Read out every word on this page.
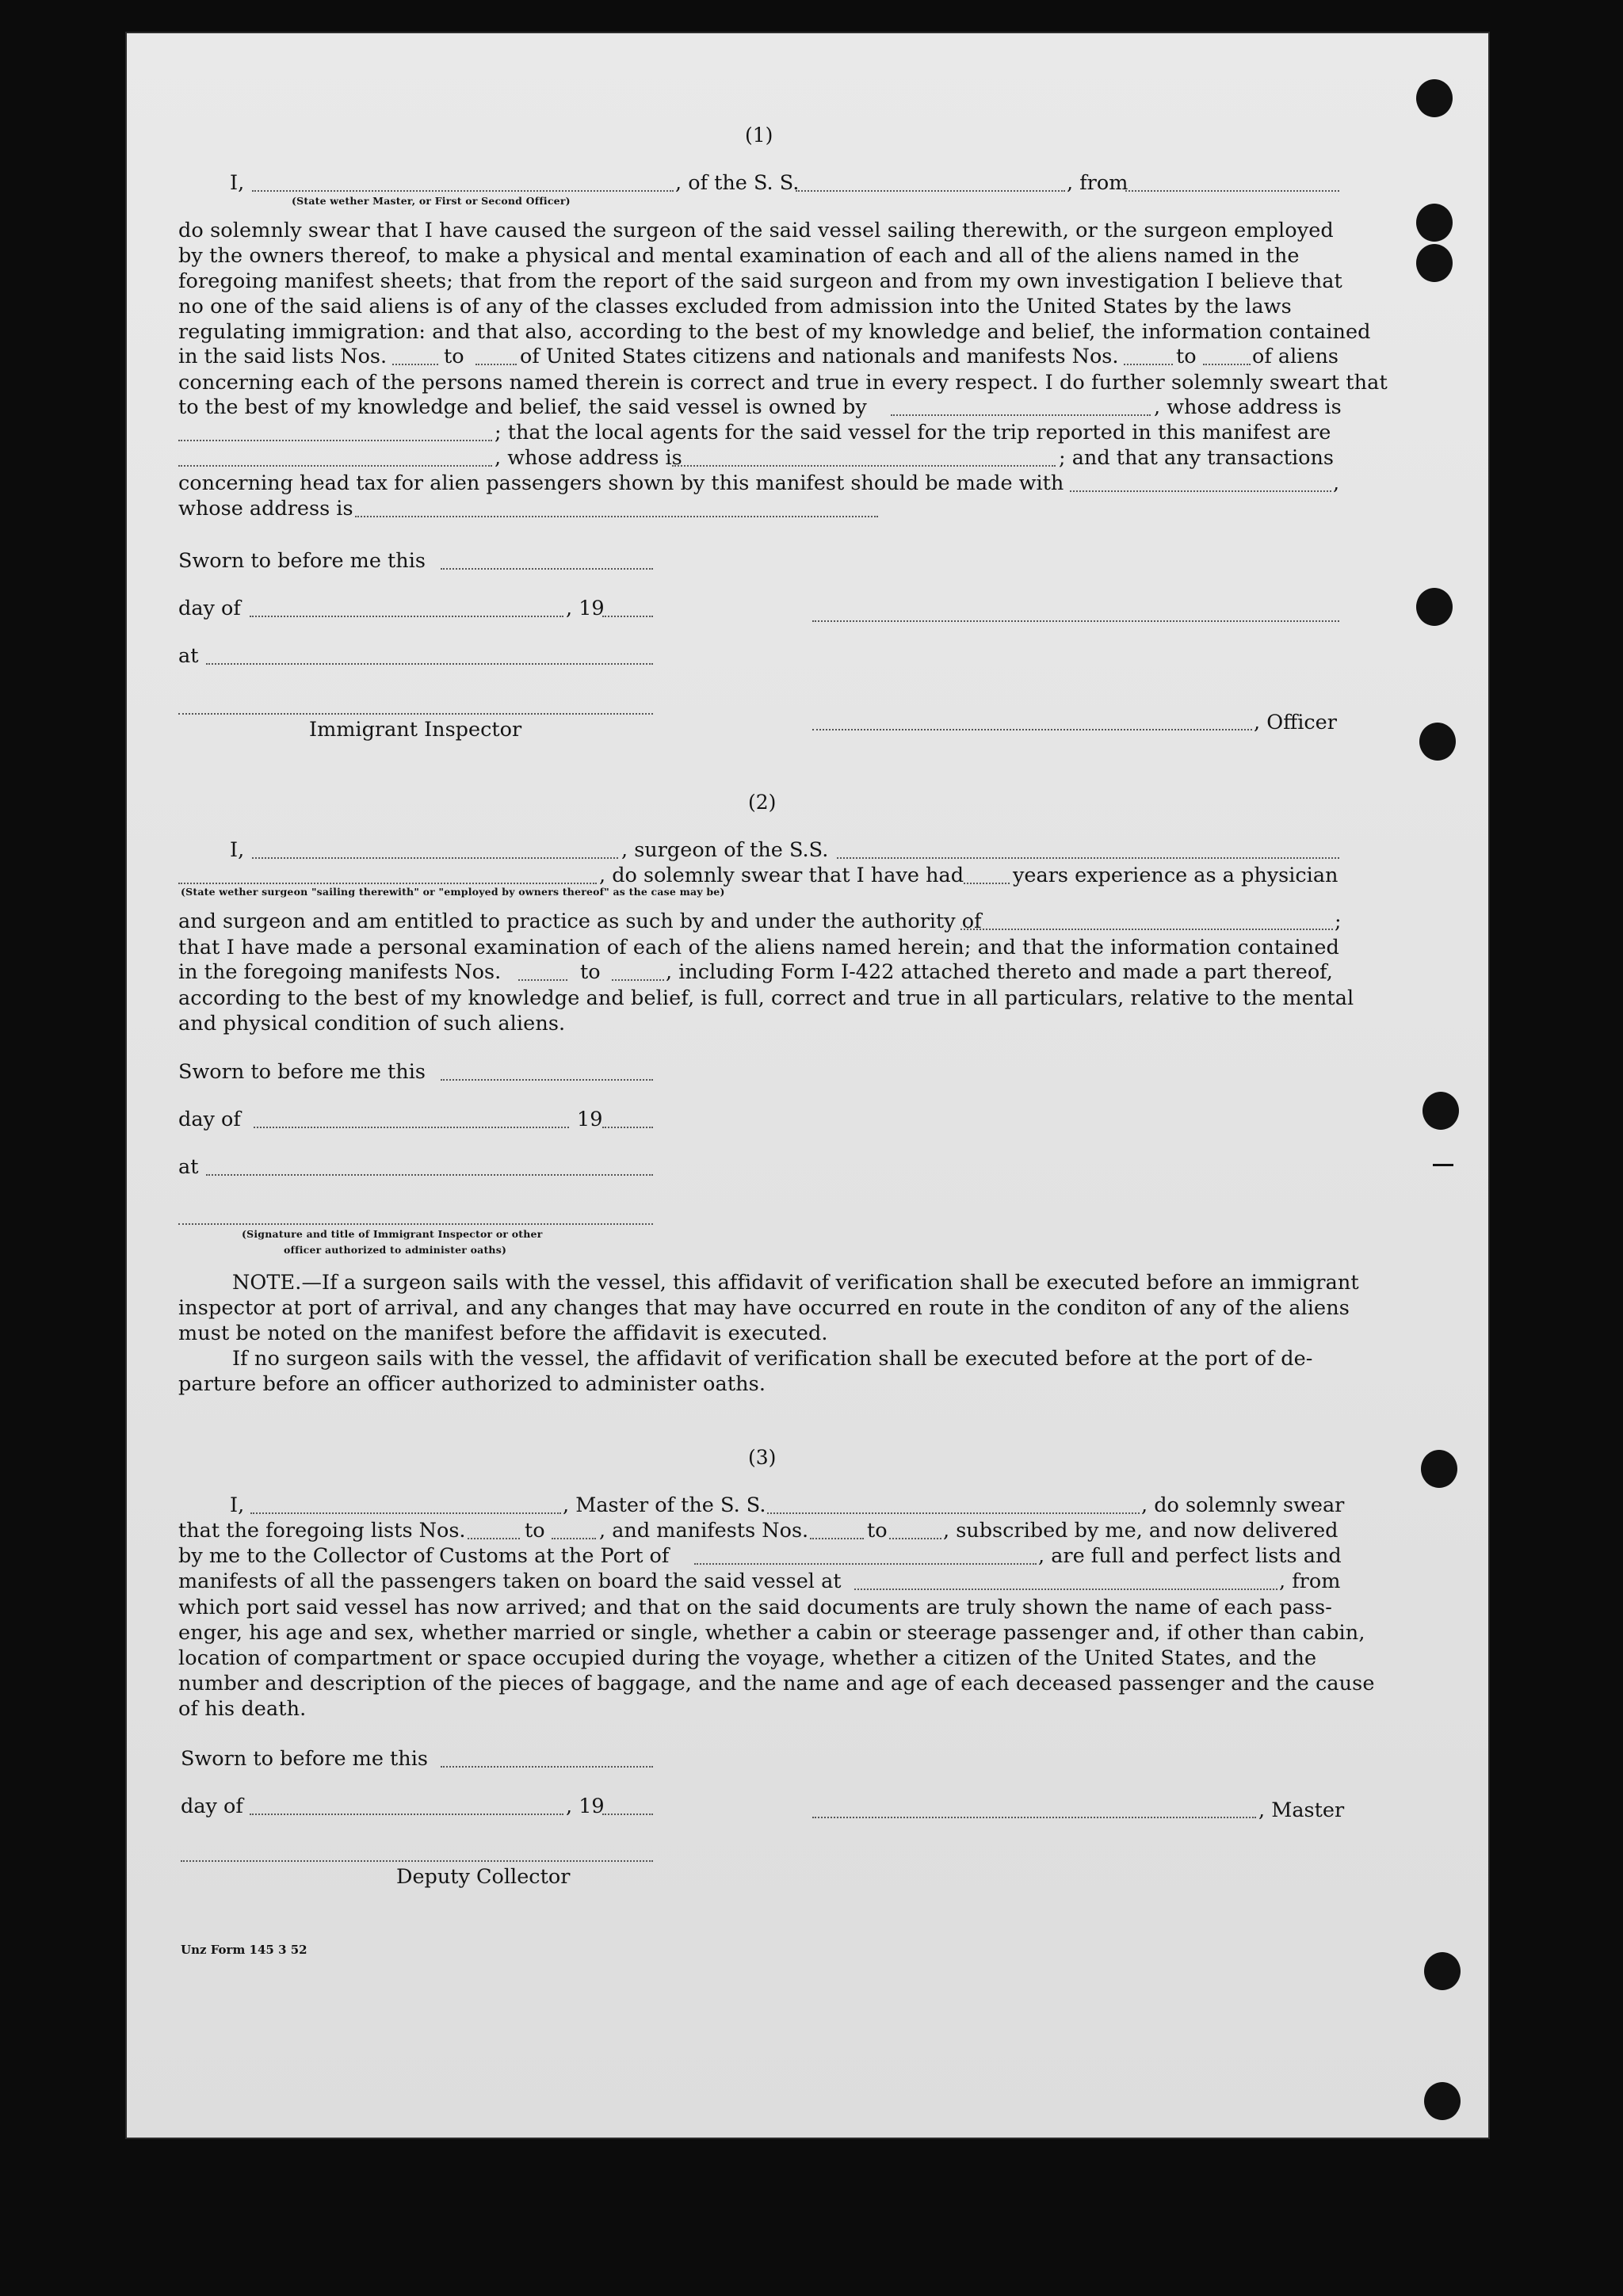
(1)
I,
(State wether Master, or First or Second Officer)
, of the S. S.	, from
do solemnly swear that I have caused the surgeon of the said vessel sailing therewith, or the surgeon employed
by the owners thereof, to make a physical and mental examination of each and all of the aliens named in the
foregoing manifest sheets; that from the report of the said surgeon and from my own investigation I believe that
no one of the said aliens is of any of the classes excluded from admission into the United States by the laws
regulating immigration: and that also, according to the best of my knowledge and belief, the information contained
in the said lists Nos.	to	of United States citizens and nationals and manifests Nos.	to	of aliens
concerning each of the persons named therein is correct and true in every respect. I do further solemnly sweart that
to the best of my knowledge and belief, the said vessel is owned by	, whose address is
; that the local agents for the said vessel for the trip reported in this manifest are
, whose address is	; and that any transactions
concerning head tax for alien passengers shown by this manifest should be made with	,
whose address is
Sworn to before me this
day of	, 19
at
Immigrant Inspector	, Officer
(2)
I,	, surgeon of the S.S.
, do solemnly swear that I have had years experience as a physician
(State wether surgeon "sailing therewith" or "employed by owners thereof" as the case may be)
and surgeon and am entitled to practice as such by and under the authority of	;
that I have made a personal examination of each of the aliens named herein; and that the information contained
in the foregoing manifests Nos.	to	, including Form I-422 attached thereto and made a part thereof,
according to the best of my knowledge and belief, is full, correct and true in all particulars, relative to the mental
and physical condition of such aliens.
Sworn to before me this
day of	19
at
(Signature and title of Immigrant Inspector or other
officer authorized to administer oaths)
NOTE.—If a surgeon sails with the vessel, this affidavit of verification shall be executed before an immigrant
inspector at port of arrival, and any changes that may have occurred en route in the conditon of any of the aliens
must be noted on the manifest before the affidavit is executed.
If no surgeon sails with the vessel, the affidavit of verification shall be executed before at the port of de-
parture before an officer authorized to administer oaths.
(3)
I,	, Master of the S. S.	, do solemnly swear
that the foregoing lists Nos.	to	, and manifests Nos.	to	, subscribed by me, and now delivered
by me to the Collector of Customs at the Port of	, are full and perfect lists and
manifests of all the passengers taken on board the said vessel at	, from
which port said vessel has now arrived; and that on the said documents are truly shown the name of each pass-
enger, his age and sex, whether married or single, whether a cabin or steerage passenger and, if other than cabin,
location of compartment or space occupied during the voyage, whether a citizen of the United States, and the
number and description of the pieces of baggage, and the name and age of each deceased passenger and the cause
of his death.
Sworn to before me this
day of	, 19	, Master
Deputy Collector
Unz Form 145 3 52
